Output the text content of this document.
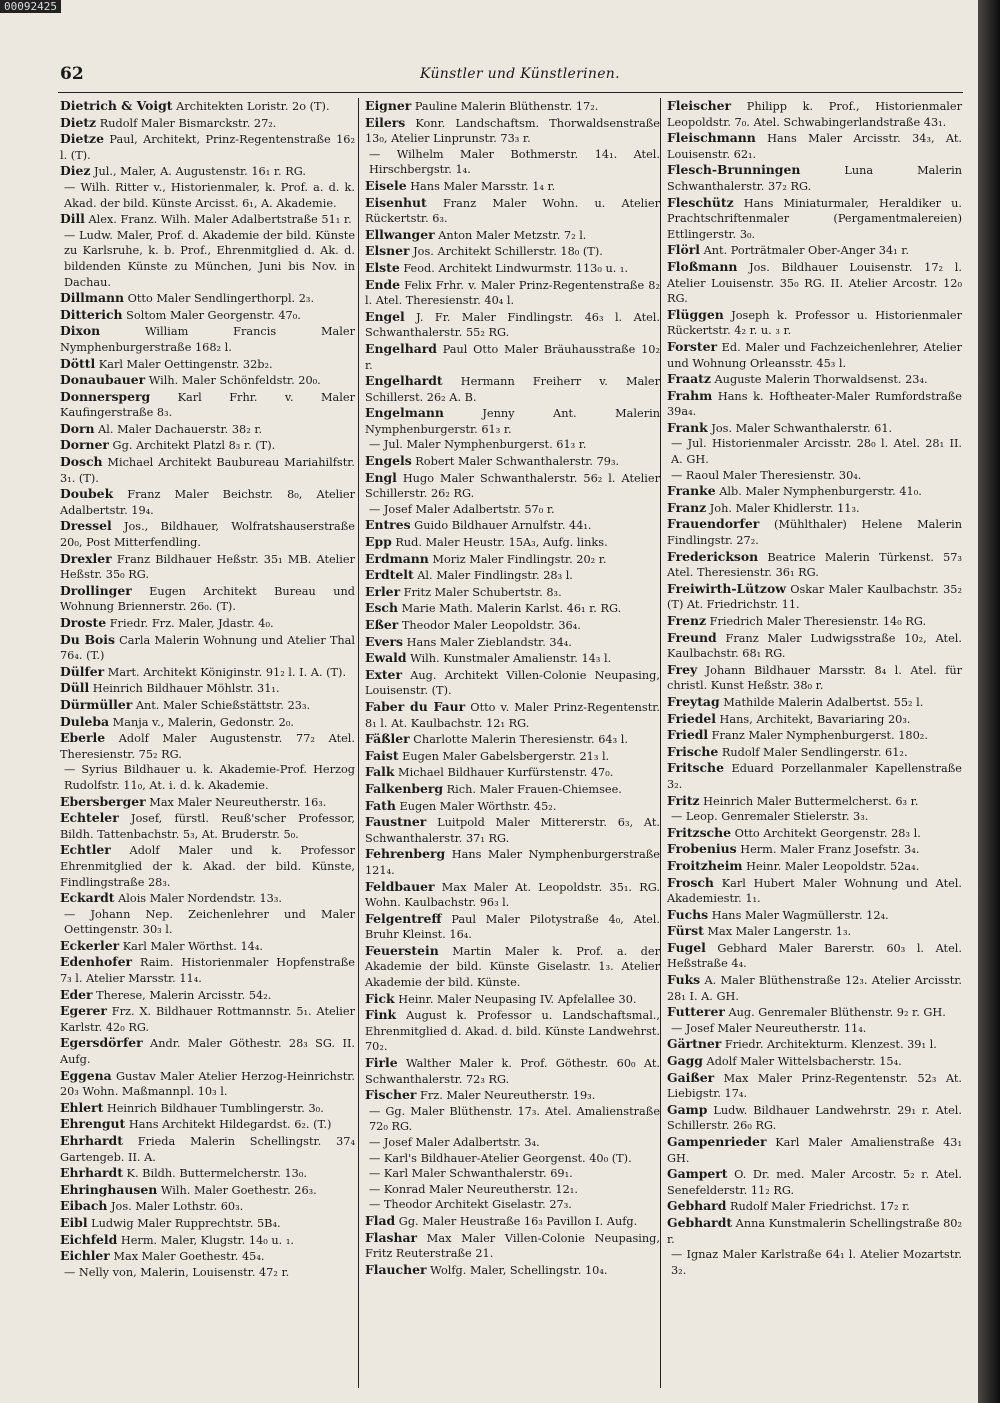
00092425
62	Künstler und Künstlerinen.
Dietrich & Voigt Architekten Loristr. 2o (T).
Dietz Rudolf Maler Bismarckstr. 27₂.
Dietze Paul, Architekt, Prinz-Regentenstraße 16₂ l. (T).
Diez Jul., Maler, A. Augustenstr. 16₁ r. RG.
— Wilh. Ritter v., Historienmaler, k. Prof. a. d. k. Akad. der bild. Künste Arcisst. 6₁, A. Akademie.
Dill Alex. Franz. Wilh. Maler Adalbertstraße 51₁ r.
— Ludw. Maler, Prof. d. Akademie der bild. Künste zu Karlsruhe, k. b. Prof., Ehrenmitglied d. Ak. d. bildenden Künste zu München, Juni bis Nov. in Dachau.
Dillmann Otto Maler Sendlingerthorpl. 2₃.
Ditterich Soltom Maler Georgenstr. 47₀.
Dixon William Francis Maler Nymphenburgerstraße 168₂ l.
Döttl Karl Maler Oettingenstr. 32b₂.
Donaubauer Wilh. Maler Schönfeldstr. 20₀.
Donnersperg Karl Frhr. v. Maler Kaufingerstraße 8₃.
Dorn Al. Maler Dachauerstr. 38₂ r.
Dorner Gg. Architekt Platzl 8₃ r. (T).
Dosch Michael Architekt Baubureau Mariahilfstr. 3₁. (T).
Doubek Franz Maler Beichstr. 8₀, Atelier Adalbertstr. 19₄.
Dressel Jos., Bildhauer, Wolfratshauserstraße 20₀, Post Mitterfendling.
Drexler Franz Bildhauer Heßstr. 35₁ MB. Atelier Heßstr. 35₀ RG.
Drollinger Eugen Architekt Bureau und Wohnung Briennerstr. 26₀. (T).
Droste Friedr. Frz. Maler, Jdastr. 4₀.
Du Bois Carla Malerin Wohnung und Atelier Thal 76₄. (T.)
Dülfer Mart. Architekt Königinstr. 91₂ l. I. A. (T).
Düll Heinrich Bildhauer Möhlstr. 31₁.
Dürmüller Ant. Maler Schießstättstr. 23₃.
Duleba Manja v., Malerin, Gedonstr. 2₀.
Eberle Adolf Maler Augustenstr. 77₂ Atel. Theresienstr. 75₂ RG.
— Syrius Bildhauer u. k. Akademie-Prof. Herzog Rudolfstr. 11₀, At. i. d. k. Akademie.
Ebersberger Max Maler Neureutherstr. 16₃.
Echteler Josef, fürstl. Reuß'scher Professor, Bildh. Tattenbachstr. 5₃, At. Bruderstr. 5₀.
Echtler Adolf Maler und k. Professor Ehrenmitglied der k. Akad. der bild. Künste, Findlingstraße 28₃.
Eckardt Alois Maler Nordendstr. 13₃.
— Johann Nep. Zeichenlehrer und Maler Oettingenstr. 30₃ l.
Eckerler Karl Maler Wörthst. 14₄.
Edenhofer Raim. Historienmaler Hopfenstraße 7₃ l. Atelier Marsstr. 11₄.
Eder Therese, Malerin Arcisstr. 54₂.
Egerer Frz. X. Bildhauer Rottmannstr. 5₁. Atelier Karlstr. 42₀ RG.
Egersdörfer Andr. Maler Göthestr. 28₃ SG. II. Aufg.
Eggena Gustav Maler Atelier Herzog-Heinrichstr. 20₃ Wohn. Maßmannpl. 10₃ l.
Ehlert Heinrich Bildhauer Tumblingerstr. 3₀.
Ehrengut Hans Architekt Hildegardst. 6₂. (T.)
Ehrhardt Frieda Malerin Schellingstr. 37₄ Gartengeb. II. A.
Ehrhardt K. Bildh. Buttermelcherstr. 13₀.
Ehringhausen Wilh. Maler Goethestr. 26₃.
Eibach Jos. Maler Lothstr. 60₃.
Eibl Ludwig Maler Rupprechtstr. 5B₄.
Eichfeld Herm. Maler, Klugstr. 14₀ u. ₁.
Eichler Max Maler Goethestr. 45₄.
— Nelly von, Malerin, Louisenstr. 47₂ r.
Eigner Pauline Malerin Blüthenstr. 17₂.
Eilers Konr. Landschaftsm. Thorwaldsenstraße 13₀, Atelier Linprunstr. 73₃ r.
— Wilhelm Maler Bothmerstr. 14₁. Atel. Hirschbergstr. 1₄.
Eisele Hans Maler Marsstr. 1₄ r.
Eisenhut Franz Maler Wohn. u. Atelier Rückertstr. 6₃.
Ellwanger Anton Maler Metzstr. 7₂ l.
Elsner Jos. Architekt Schillerstr. 18₀ (T).
Elste Feod. Architekt Lindwurmstr. 113₀ u. ₁.
Ende Felix Frhr. v. Maler Prinz-Regentenstraße 8₂ l. Atel. Theresienstr. 40₄ l.
Engel J. Fr. Maler Findlingstr. 46₃ l. Atel. Schwanthalerstr. 55₂ RG.
Engelhard Paul Otto Maler Bräuhausstraße 10₂ r.
Engelhardt Hermann Freiherr v. Maler Schillerst. 26₂ A. B.
Engelmann Jenny Ant. Malerin Nymphenburgerstr. 61₃ r.
— Jul. Maler Nymphenburgerst. 61₃ r.
Engels Robert Maler Schwanthalerstr. 79₃.
Engl Hugo Maler Schwanthalerstr. 56₂ l. Atelier Schillerstr. 26₂ RG.
— Josef Maler Adalbertstr. 57₀ r.
Entres Guido Bildhauer Arnulfstr. 44₁.
Epp Rud. Maler Heustr. 15A₃, Aufg. links.
Erdmann Moriz Maler Findlingstr. 20₂ r.
Erdtelt Al. Maler Findlingstr. 28₃ l.
Erler Fritz Maler Schubertstr. 8₃.
Esch Marie Math. Malerin Karlst. 46₁ r. RG.
Eßer Theodor Maler Leopoldstr. 36₄.
Evers Hans Maler Zieblandstr. 34₄.
Ewald Wilh. Kunstmaler Amalienstr. 14₃ l.
Exter Aug. Architekt Villen-Colonie Neupasing, Louisenstr. (T).
Faber du Faur Otto v. Maler Prinz-Regentenstr. 8₁ l. At. Kaulbachstr. 12₁ RG.
Fäßler Charlotte Malerin Theresienstr. 64₃ l.
Faist Eugen Maler Gabelsbergerstr. 21₃ l.
Falk Michael Bildhauer Kurfürstenstr. 47₀.
Falkenberg Rich. Maler Frauen-Chiemsee.
Fath Eugen Maler Wörthstr. 45₂.
Faustner Luitpold Maler Mittererstr. 6₃, At. Schwanthalerstr. 37₁ RG.
Fehrenberg Hans Maler Nymphenburgerstraße 121₄.
Feldbauer Max Maler At. Leopoldstr. 35₁. RG. Wohn. Kaulbachstr. 96₃ l.
Felgentreff Paul Maler Pilotystraße 4₀, Atel. Bruhr Kleinst. 16₄.
Feuerstein Martin Maler k. Prof. a. der Akademie der bild. Künste Giselastr. 1₃. Atelier Akademie der bild. Künste.
Fick Heinr. Maler Neupasing IV. Apfelallee 30.
Fink August k. Professor u. Landschaftsmal., Ehrenmitglied d. Akad. d. bild. Künste Landwehrst. 70₂.
Firle Walther Maler k. Prof. Göthestr. 60₀ At. Schwanthalerstr. 72₃ RG.
Fischer Frz. Maler Neureutherstr. 19₃.
— Gg. Maler Blüthenstr. 17₃. Atel. Amalienstraße 72₀ RG.
— Josef Maler Adalbertstr. 3₄.
— Karl's Bildhauer-Atelier Georgenst. 40₀ (T).
— Karl Maler Schwanthalerstr. 69₁.
— Konrad Maler Neureutherstr. 12₁.
— Theodor Architekt Giselastr. 27₃.
Flad Gg. Maler Heustraße 16₃ Pavillon I. Aufg.
Flashar Max Maler Villen-Colonie Neupasing, Fritz Reuterstraße 21.
Flaucher Wolfg. Maler, Schellingstr. 10₄.
Fleischer Philipp k. Prof., Historienmaler Leopoldstr. 7₀. Atel. Schwabingerlandstraße 43₁.
Fleischmann Hans Maler Arcisstr. 34₃, At. Louisenstr. 62₁.
Flesch-Brunningen Luna Malerin Schwanthalerstr. 37₂ RG.
Fleschütz Hans Miniaturmaler, Heraldiker u. Prachtschriftenmaler (Pergamentmalereien) Ettlingerstr. 3₀.
Flörl Ant. Porträtmaler Ober-Anger 34₁ r.
Floßmann Jos. Bildhauer Louisenstr. 17₂ l. Atelier Louisenstr. 35₀ RG. II. Atelier Arcostr. 12₀ RG.
Flüggen Joseph k. Professor u. Historienmaler Rückertstr. 4₂ r. u. ₃ r.
Forster Ed. Maler und Fachzeichenlehrer, Atelier und Wohnung Orleansstr. 45₃ l.
Fraatz Auguste Malerin Thorwaldsenst. 23₄.
Frahm Hans k. Hoftheater-Maler Rumfordstraße 39a₄.
Frank Jos. Maler Schwanthalerstr. 61.
— Jul. Historienmaler Arcisstr. 28₀ l. Atel. 28₁ II. A. GH.
— Raoul Maler Theresienstr. 30₄.
Franke Alb. Maler Nymphenburgerstr. 41₀.
Franz Joh. Maler Khidlerstr. 11₃.
Frauendorfer (Mühlthaler) Helene Malerin Findlingstr. 27₂.
Frederickson Beatrice Malerin Türkenst. 57₃ Atel. Theresienstr. 36₁ RG.
Freiwirth-Lützow Oskar Maler Kaulbachstr. 35₂ (T) At. Friedrichstr. 11.
Frenz Friedrich Maler Theresienstr. 14₀ RG.
Freund Franz Maler Ludwigsstraße 10₂, Atel. Kaulbachstr. 68₁ RG.
Frey Johann Bildhauer Marsstr. 8₄ l. Atel. für christl. Kunst Heßstr. 38₀ r.
Freytag Mathilde Malerin Adalbertst. 55₂ l.
Friedel Hans, Architekt, Bavariaring 20₃.
Friedl Franz Maler Nymphenburgerst. 180₂.
Frische Rudolf Maler Sendlingerstr. 61₂.
Fritsche Eduard Porzellanmaler Kapellenstraße 3₂.
Fritz Heinrich Maler Buttermelcherst. 6₃ r.
— Leop. Genremaler Stielerstr. 3₃.
Fritzsche Otto Architekt Georgenstr. 28₃ l.
Frobenius Herm. Maler Franz Josefstr. 3₄.
Froitzheim Heinr. Maler Leopoldstr. 52a₄.
Frosch Karl Hubert Maler Wohnung und Atel. Akademiestr. 1₁.
Fuchs Hans Maler Wagmüllerstr. 12₄.
Fürst Max Maler Langerstr. 1₃.
Fugel Gebhard Maler Barerstr. 60₃ l. Atel. Heßstraße 4₄.
Fuks A. Maler Blüthenstraße 12₃. Atelier Arcisstr. 28₁ I. A. GH.
Futterer Aug. Genremaler Blüthenstr. 9₂ r. GH.
— Josef Maler Neureutherstr. 11₄.
Gärtner Friedr. Architekturm. Klenzest. 39₁ l.
Gagg Adolf Maler Wittelsbacherstr. 15₄.
Gaißer Max Maler Prinz-Regentenstr. 52₃ At. Liebigstr. 17₄.
Gamp Ludw. Bildhauer Landwehrstr. 29₁ r. Atel. Schillerstr. 26₀ RG.
Gampenrieder Karl Maler Amalienstraße 43₁ GH.
Gampert O. Dr. med. Maler Arcostr. 5₂ r. Atel. Senefelderstr. 11₂ RG.
Gebhard Rudolf Maler Friedrichst. 17₂ r.
Gebhardt Anna Kunstmalerin Schellingstraße 80₂ r.
— Ignaz Maler Karlstraße 64₁ l. Atelier Mozartstr. 3₂.
